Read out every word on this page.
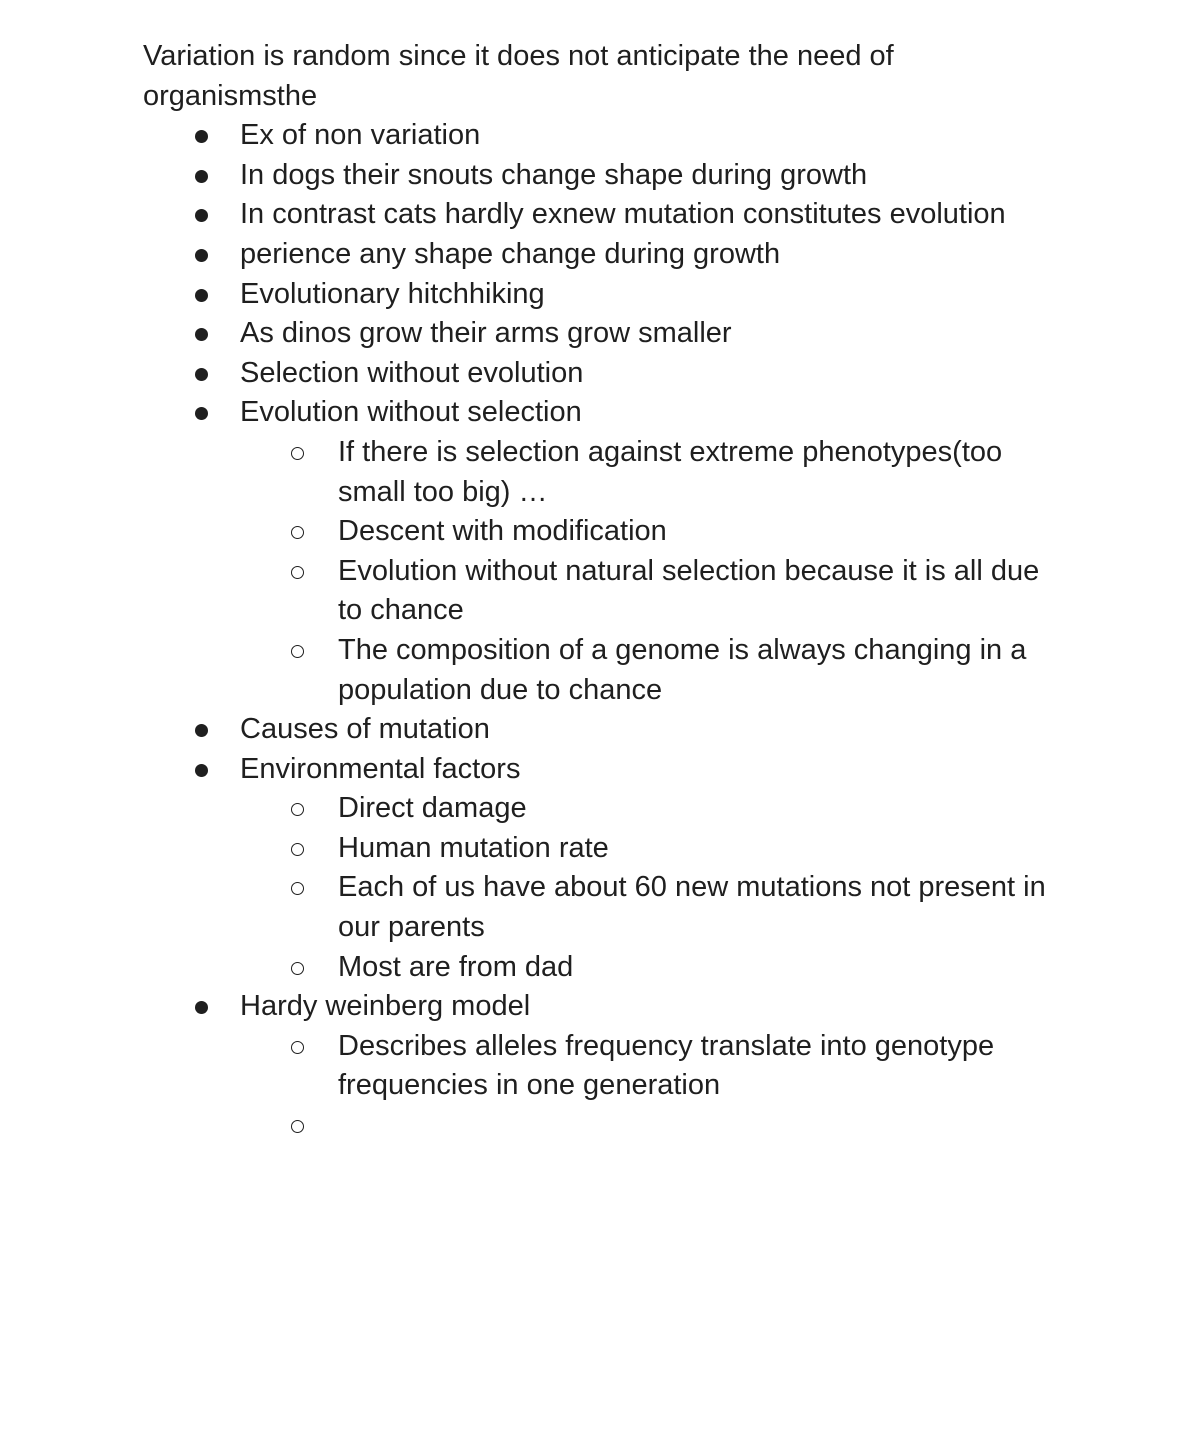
Variation is random since it does not anticipate the need of organismsthe

Ex of non variation
In dogs their snouts change shape during growth
In contrast cats hardly exnew mutation constitutes evolution
perience any shape change during growth
Evolutionary hitchhiking
As dinos grow their arms grow smaller
Selection without evolution
Evolution without selection
If there is selection against extreme phenotypes(too small too big) …
Descent with modification
Evolution without natural selection because it is all due to chance
The composition of a genome is always changing in a population due to chance
Causes of mutation
Environmental factors
Direct damage
Human mutation rate
Each of us have about 60 new mutations not present in our parents
Most are from dad
Hardy weinberg model
Describes alleles frequency translate into genotype frequencies in one generation
